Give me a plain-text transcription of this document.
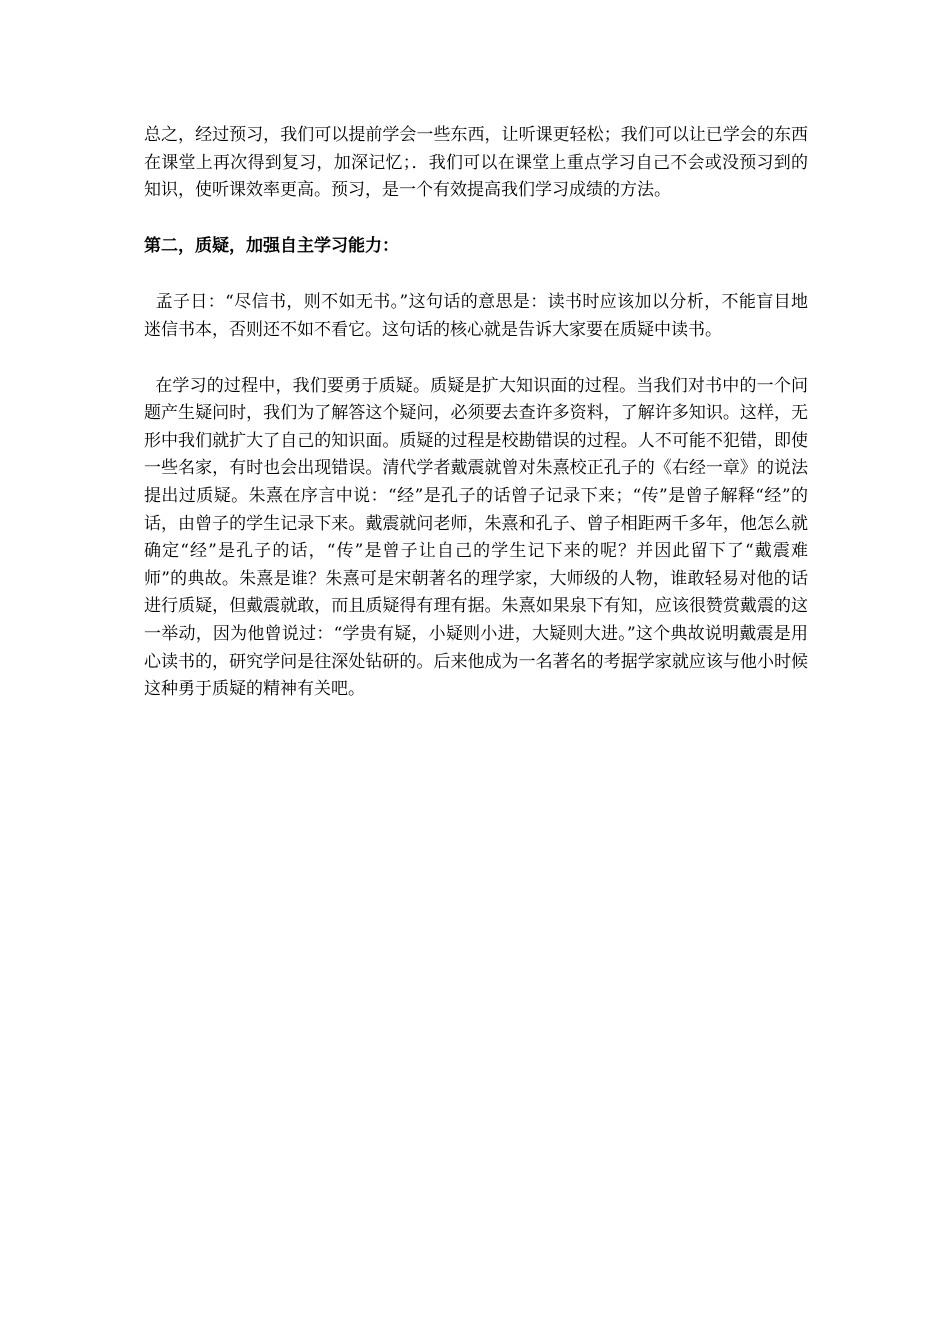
总之，经过预习，我们可以提前学会一些东西，让听课更轻松；我们可以让已学会的东西在课堂上再次得到复习，加深记忆；．我们可以在课堂上重点学习自己不会或没预习到的知识，使听课效率更高。预习，是一个有效提高我们学习成绩的方法。

第二，质疑，加强自主学习能力：

孟子日：“尽信书，则不如无书。”这句话的意思是：读书时应该加以分析，不能盲目地迷信书本，否则还不如不看它。这句话的核心就是告诉大家要在质疑中读书。

在学习的过程中，我们要勇于质疑。质疑是扩大知识面的过程。当我们对书中的一个问题产生疑问时，我们为了解答这个疑问，必须要去查许多资料，了解许多知识。这样，无形中我们就扩大了自己的知识面。质疑的过程是校勘错误的过程。人不可能不犯错，即使一些名家，有时也会出现错误。清代学者戴震就曾对朱熹校正孔子的《右经一章》的说法提出过质疑。朱熹在序言中说：“经”是孔子的话曾子记录下来；“传”是曾子解释“经”的话，由曾子的学生记录下来。戴震就问老师，朱熹和孔子、曾子相距两千多年，他怎么就确定“经”是孔子的话，“传”是曾子让自己的学生记下来的呢？并因此留下了“戴震难师”的典故。朱熹是谁？朱熹可是宋朝著名的理学家，大师级的人物，谁敢轻易对他的话进行质疑，但戴震就敢，而且质疑得有理有据。朱熹如果泉下有知，应该很赞赏戴震的这一举动，因为他曾说过：“学贵有疑，小疑则小进，大疑则大进。”这个典故说明戴震是用心读书的，研究学问是往深处钻研的。后来他成为一名著名的考据学家就应该与他小时候这种勇于质疑的精神有关吧。
